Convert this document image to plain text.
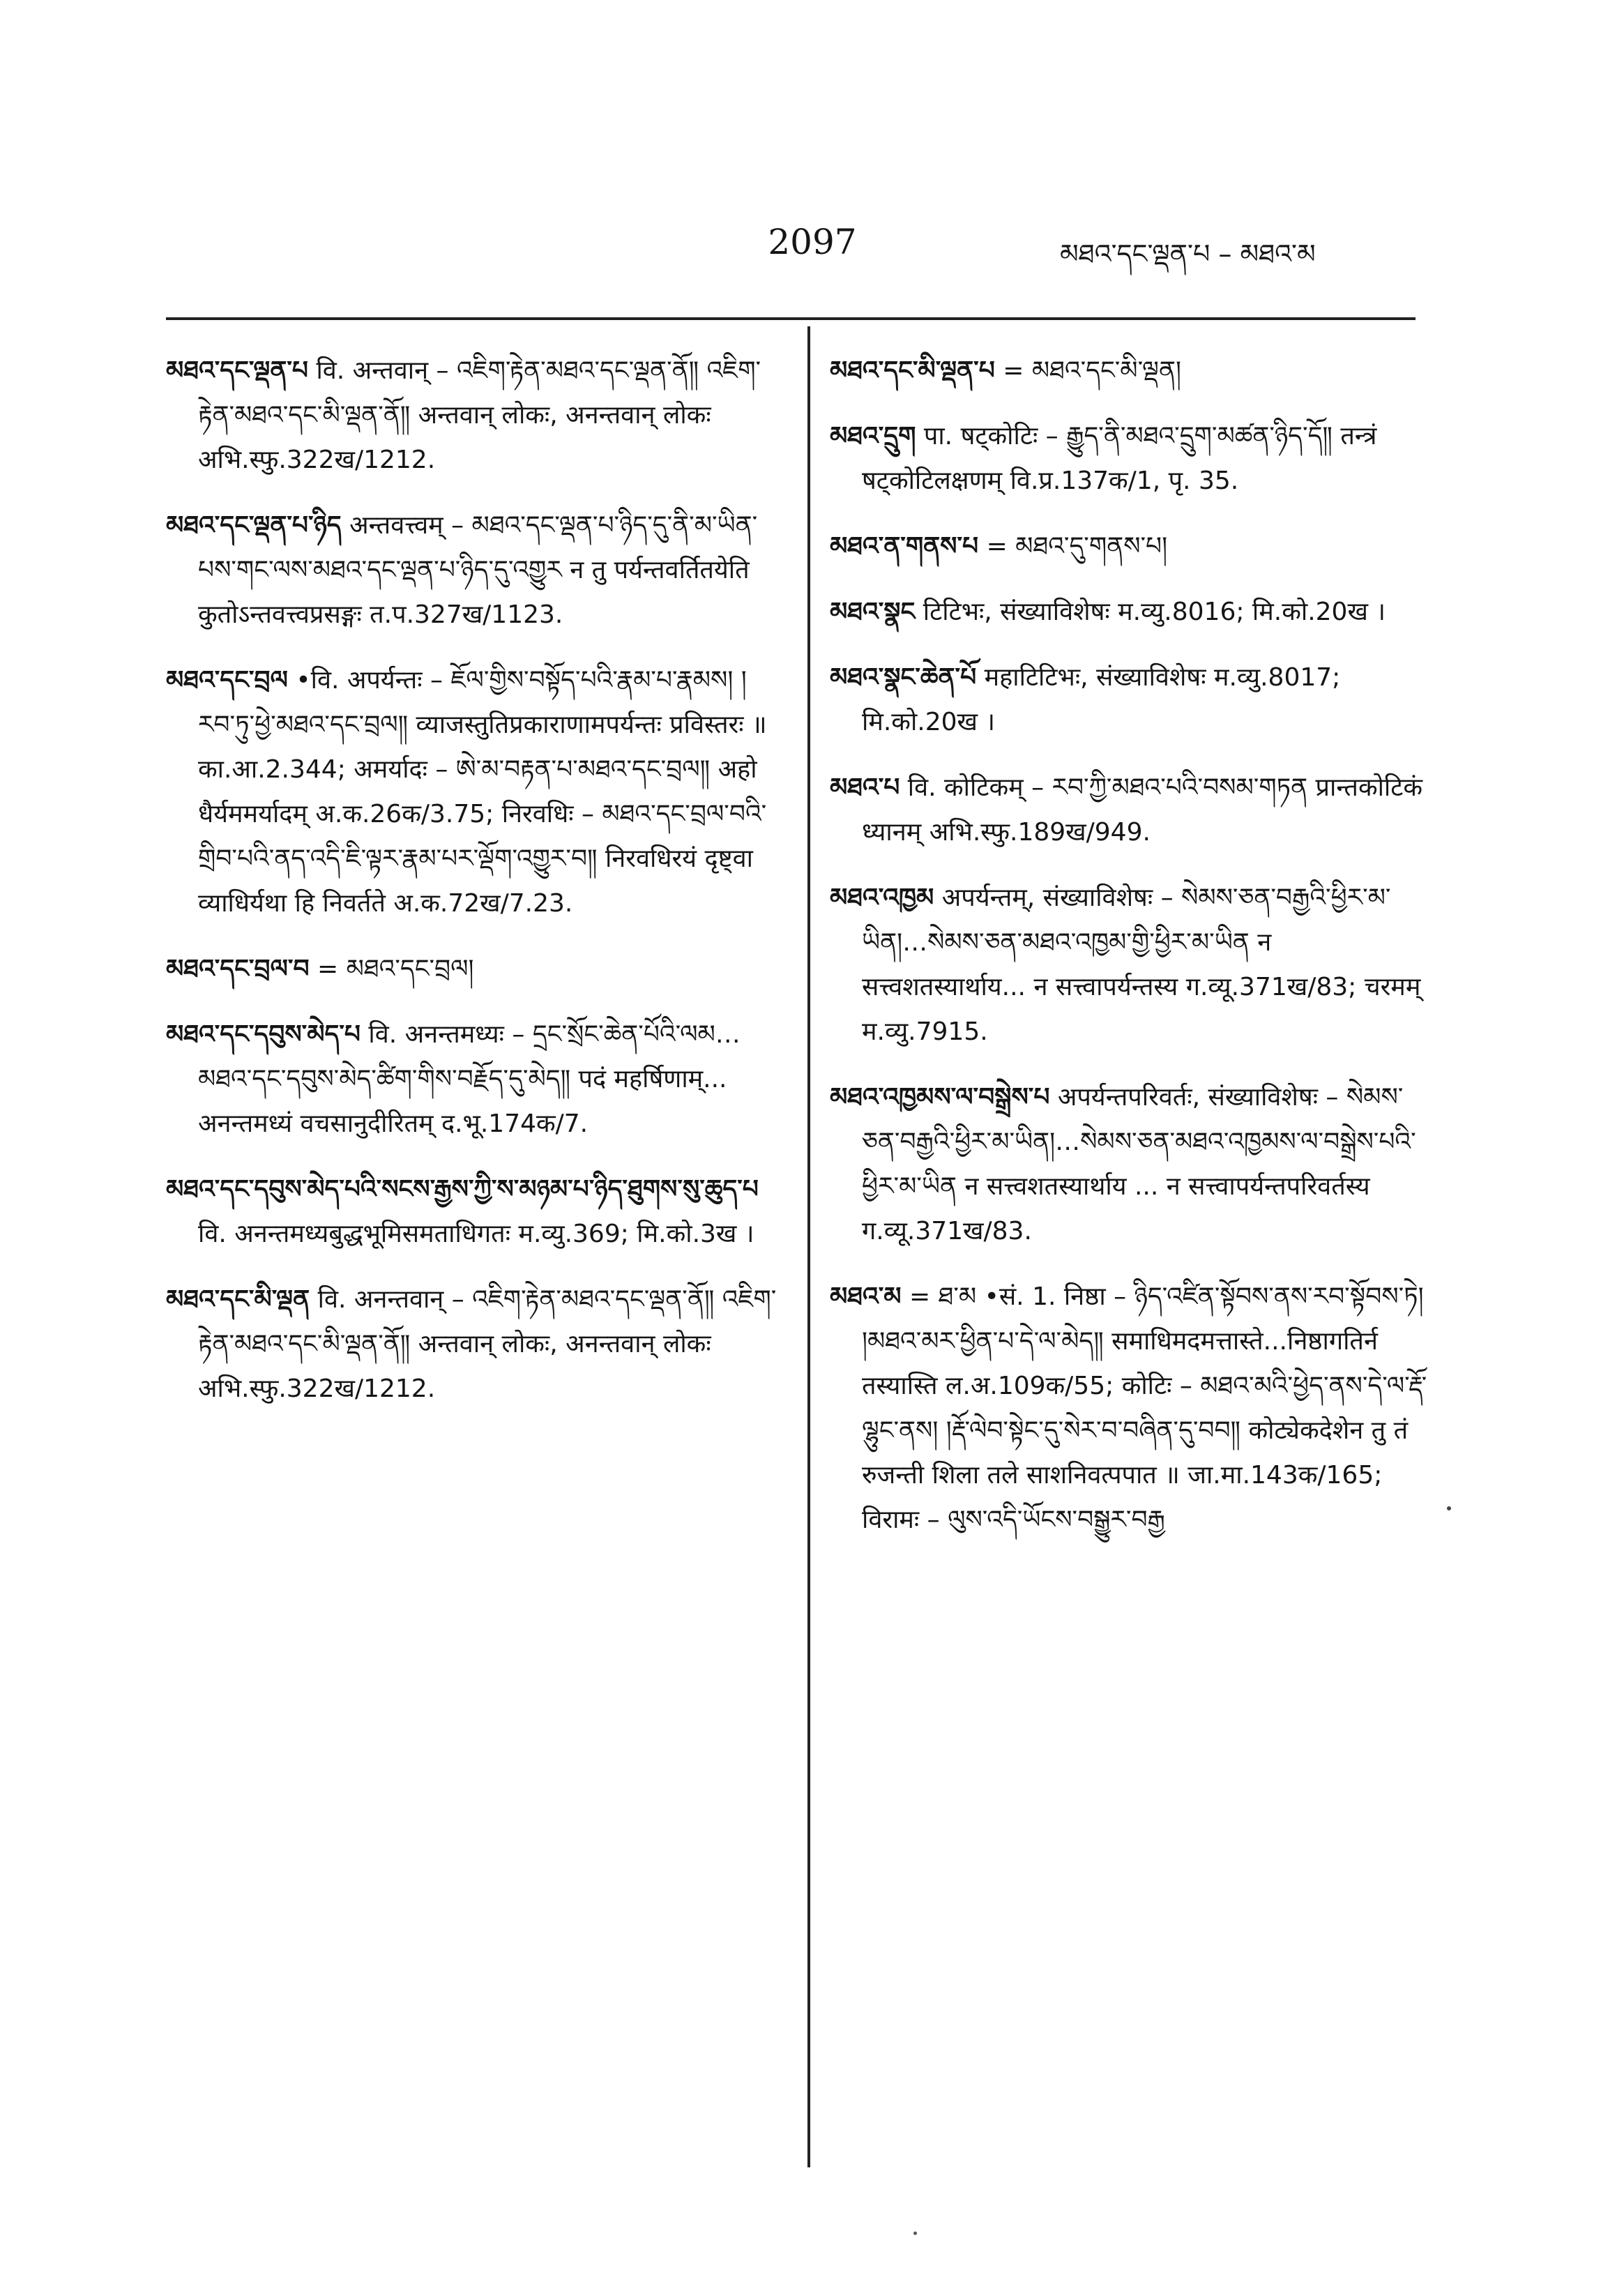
2097	མཐའ་དང་ལྡན་པ – མཐའ་མ
མཐའ་དང་ལྡན་པ वि. अन्तवान् – འཇིག་རྟེན་མཐའ་དང་ལྡན་ནོ༎ འཇིག་རྟེན་མཐའ་དང་མི་ལྡན་ནོ༎ अन्तवान् लोकः, अनन्तवान् लोकः अभि.स्फु.322ख/1212.
མཐའ་དང་ལྡན་པ་ཉིད अन्तवत्त्वम् – མཐའ་དང་ལྡན་པ་ཉིད་དུ་ནི་མ་ཡིན་པས་གང་ལས་མཐའ་དང་ལྡན་པ་ཉིད་དུ་འགྱུར न तु पर्यन्तवर्तितयेति कुतोऽन्तवत्त्वप्रसङ्गः त.प.327ख/1123.
མཐའ་དང་བྲལ •वि. अपर्यन्तः – ཇོལ་གྱིས་བསྟོད་པའི་རྣམ་པ་རྣམས། །རབ་ཏུ་ཕྱེ་མཐའ་དང་བྲལ༎ व्याजस्तुतिप्रकाराणामपर्यन्तः प्रविस्तरः ॥ का.आ.2.344; अमर्यादः – ཨེ་མ་བརྟན་པ་མཐའ་དང་བྲལ༎ अहो धैर्यममर्यादम् अ.क.26क/3.75; निरवधिः – མཐའ་དང་བྲལ་བའི་གྲིབ་པའི་ནད་འདི་ཇི་ལྟར་རྣམ་པར་ལྡོག་འགྱུར་བ༎ निरवधिरयं दृष्ट्वा व्याधिर्यथा हि निवर्तते अ.क.72ख/7.23.
མཐའ་དང་བྲལ་བ = མཐའ་དང་བྲལ།
མཐའ་དང་དབུས་མེད་པ वि. अनन्तमध्यः – དྲང་སྲོང་ཆེན་པོའི་ལམ…མཐའ་དང་དབུས་མེད་ཚིག་གིས་བརྗོད་དུ་མེད༎ पदं महर्षिणाम्... अनन्तमध्यं वचसानुदीरितम् द.भू.174क/7.
མཐའ་དང་དབུས་མེད་པའི་སངས་རྒྱས་ཀྱི་ས་མཉམ་པ་ཉིད་ཐུགས་སུ་ཆུད་པ वि. अनन्तमध्यबुद्धभूमिसमताधिगतः म.व्यु.369; मि.को.3ख ।
མཐའ་དང་མི་ལྡན वि. अनन्तवान् – འཇིག་རྟེན་མཐའ་དང་ལྡན་ནོ༎ འཇིག་རྟེན་མཐའ་དང་མི་ལྡན་ནོ༎ अन्तवान् लोकः, अनन्तवान् लोकः अभि.स्फु.322ख/1212.
མཐའ་དང་མི་ལྡན་པ = མཐའ་དང་མི་ལྡན།
མཐའ་དྲུག पा. षट्कोटिः – རྒྱུད་ནི་མཐའ་དྲུག་མཚན་ཉིད་དོ༎ तन्त्रं षट्कोटिलक्षणम् वि.प्र.137क/1, पृ. 35.
མཐའ་ན་གནས་པ = མཐའ་དུ་གནས་པ།
མཐའ་སྣང टिटिभः, संख्याविशेषः म.व्यु.8016; मि.को.20ख ।
མཐའ་སྣང་ཆེན་པོ महाटिटिभः, संख्याविशेषः म.व्यु.8017; मि.को.20ख ।
མཐའ་པ वि. कोटिकम् – རབ་ཀྱི་མཐའ་པའི་བསམ་གཏན प्रान्तकोटिकं ध्यानम् अभि.स्फु.189ख/949.
མཐའ་འཁྱམ अपर्यन्तम्, संख्याविशेषः – སེམས་ཅན་བརྒྱའི་ཕྱིར་མ་ཡིན།…སེམས་ཅན་མཐའ་འཁྱམ་གྱི་ཕྱིར་མ་ཡིན न सत्त्वशतस्यार्थाय... न सत्त्वापर्यन्तस्य ग.व्यू.371ख/83; चरमम् म.व्यु.7915.
མཐའ་འཁྱམས་ལ་བསྒྲེས་པ अपर्यन्तपरिवर्तः, संख्याविशेषः – སེམས་ཅན་བརྒྱའི་ཕྱིར་མ་ཡིན།…སེམས་ཅན་མཐའ་འཁྱམས་ལ་བསྒྲེས་པའི་ཕྱིར་མ་ཡིན न सत्त्वशतस्यार्थाय ... न सत्त्वापर्यन्तपरिवर्तस्य ग.व्यू.371ख/83.
མཐའ་མ = ཐ་མ •सं. 1. निष्ठा – ཉིད་འཛིན་སྟོབས་ནས་རབ་སྟོབས་ཏེ། །མཐའ་མར་ཕྱིན་པ་དེ་ལ་མེད༎ समाधिमदमत्तास्ते...निष्ठागतिर्न तस्यास्ति ल.अ.109क/55; कोटिः – མཐའ་མའི་ཕྱེད་ནས་དེ་ལ་རྡོ་ལྷུང་ནས། །རྡོ་ལེབ་སྟེང་དུ་སེར་བ་བཞིན་དུ་བབ༎ कोट्येकदेशेन तु तं रुजन्ती शिला तले साशनिवत्पपात ॥ जा.मा.143क/165; विरामः – ལུས་འདི་ཡོངས་བསྒྱུར་བརྒྱ
